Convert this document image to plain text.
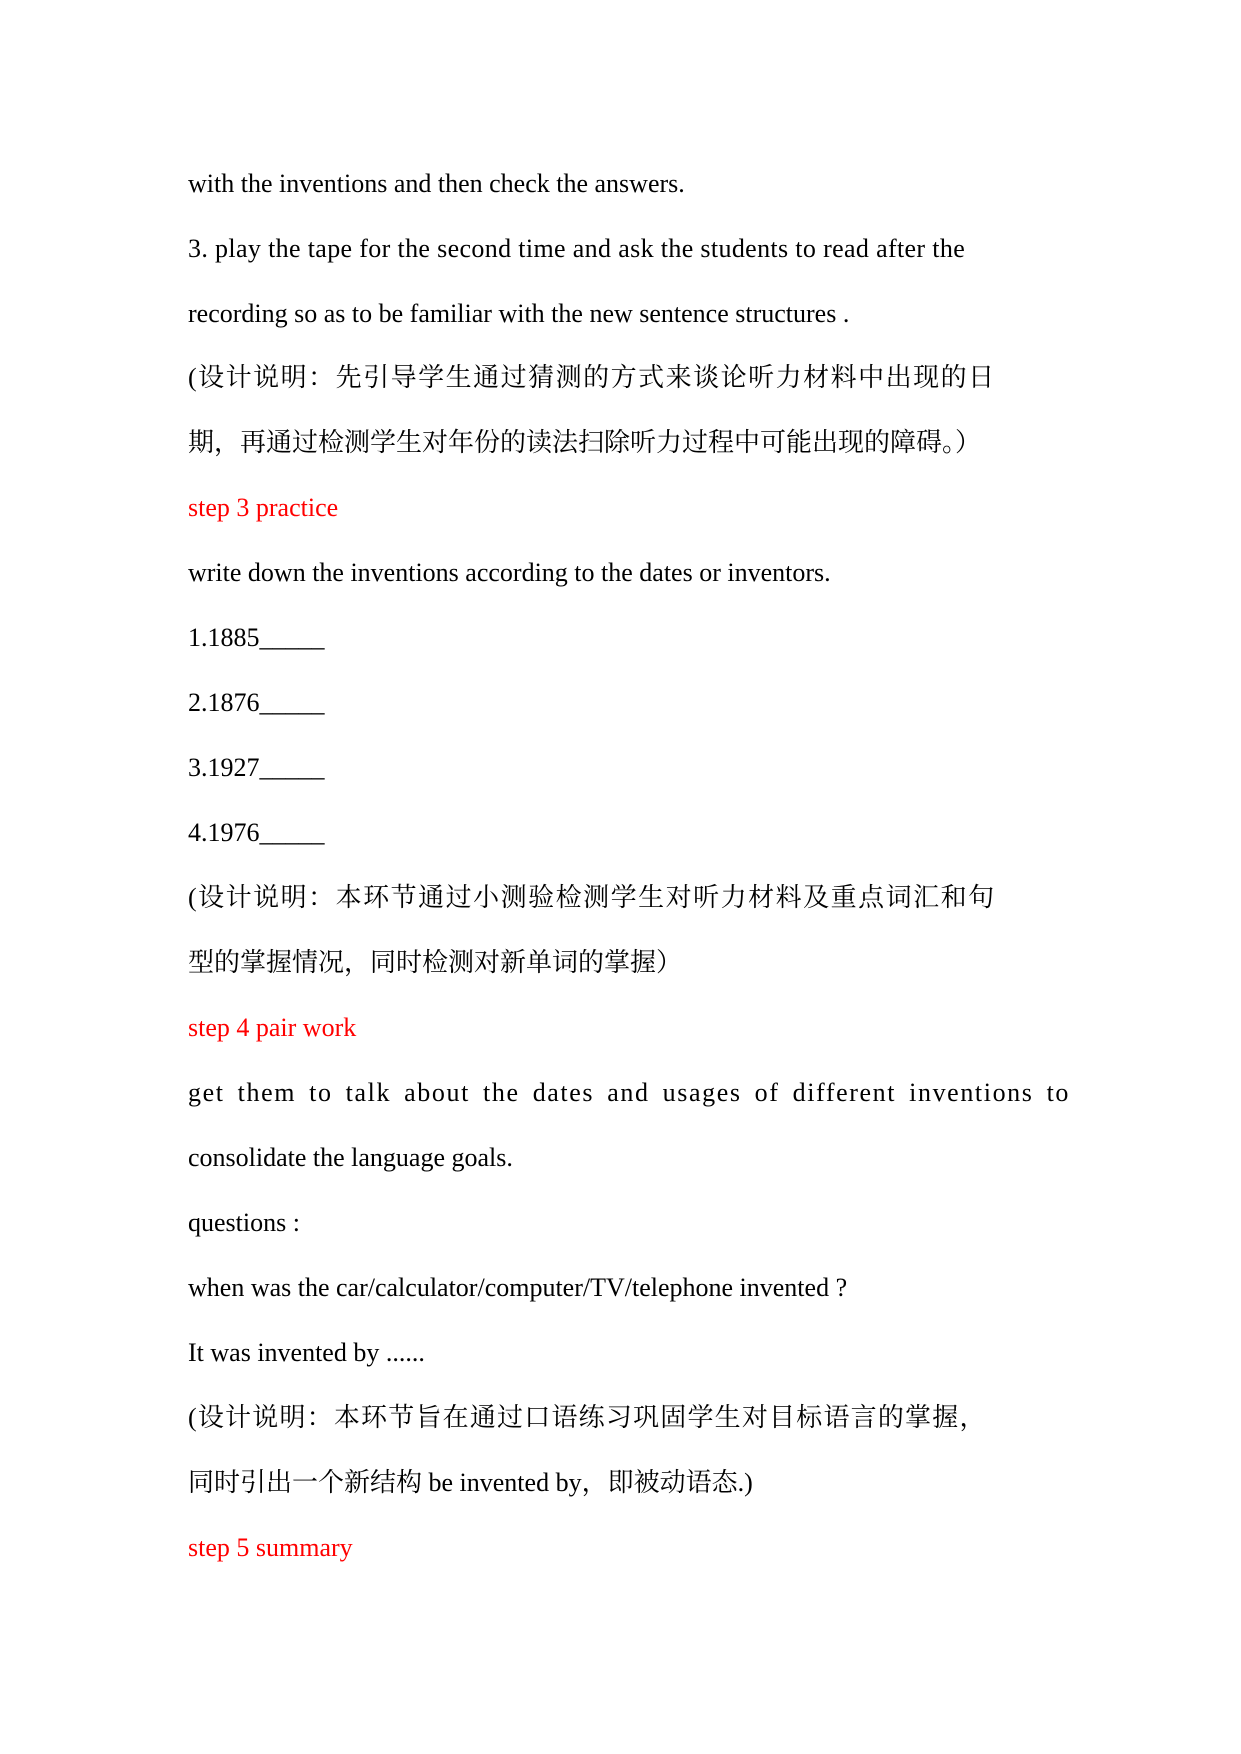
with the inventions and then check the answers.
3. play the tape for the second time and ask the students to read after the
recording so as to be familiar with the new sentence structures .
(设计说明：先引导学生通过猜测的方式来谈论听力材料中出现的日
期，再通过检测学生对年份的读法扫除听力过程中可能出现的障碍。）
step 3 practice
write down the inventions according to the dates or inventors.
1.1885_____
2.1876_____
3.1927_____
4.1976_____
(设计说明：本环节通过小测验检测学生对听力材料及重点词汇和句
型的掌握情况，同时检测对新单词的掌握）
step 4 pair work
get them to talk about the dates and usages of different inventions to
consolidate the language goals.
questions :
when was the car/calculator/computer/TV/telephone invented ?
It was invented by ......
(设计说明：本环节旨在通过口语练习巩固学生对目标语言的掌握，
同时引出一个新结构 be invented by，即被动语态.)
step 5 summary
